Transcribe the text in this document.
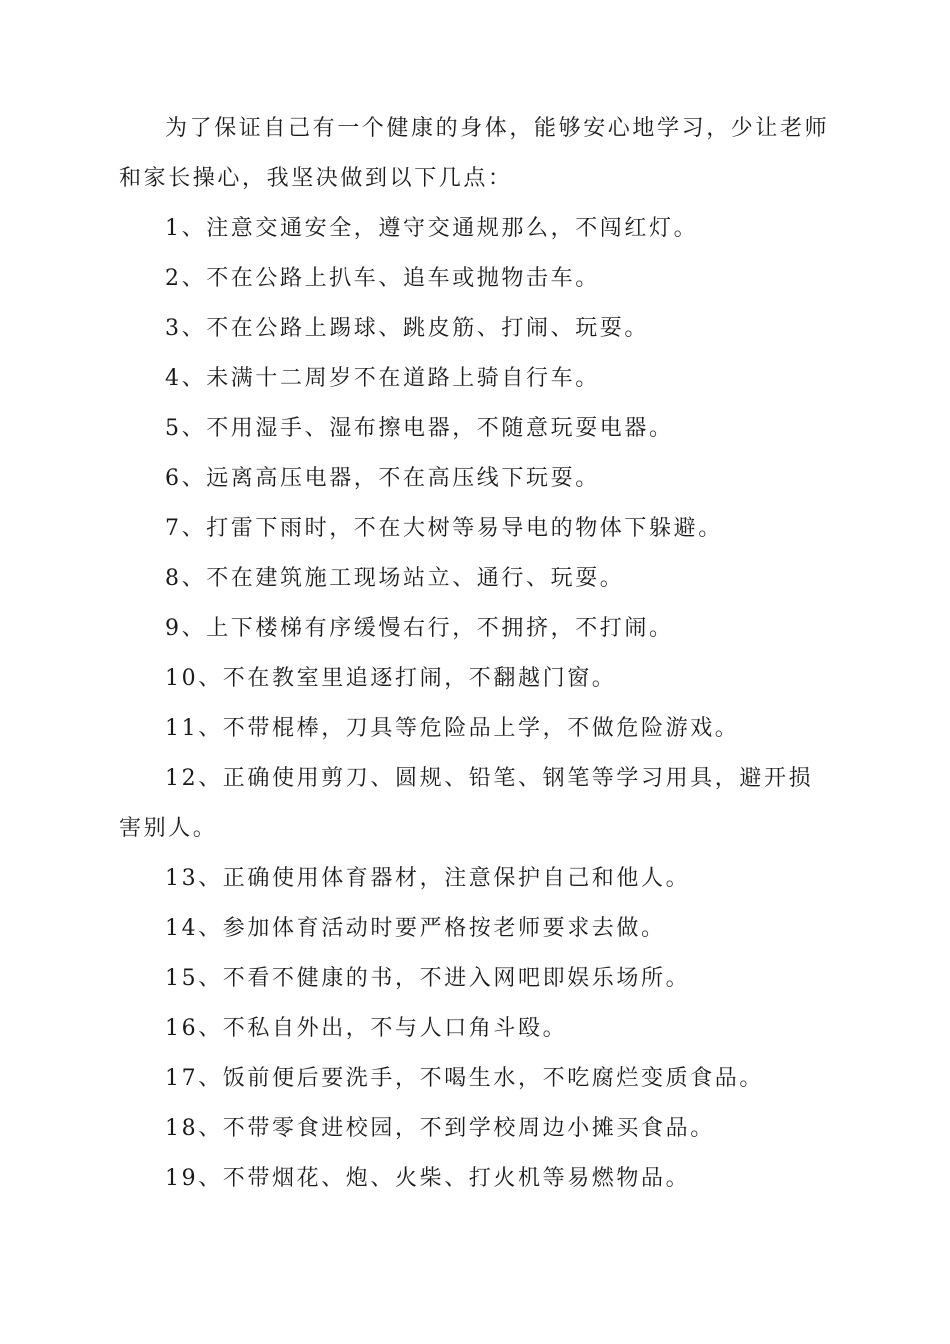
为了保证自己有一个健康的身体，能够安心地学习，少让老师和家长操心，我坚决做到以下几点：

1、注意交通安全，遵守交通规那么，不闯红灯。

2、不在公路上扒车、追车或抛物击车。

3、不在公路上踢球、跳皮筋、打闹、玩耍。

4、未满十二周岁不在道路上骑自行车。

5、不用湿手、湿布擦电器，不随意玩耍电器。

6、远离高压电器，不在高压线下玩耍。

7、打雷下雨时，不在大树等易导电的物体下躲避。

8、不在建筑施工现场站立、通行、玩耍。

9、上下楼梯有序缓慢右行，不拥挤，不打闹。

10、不在教室里追逐打闹，不翻越门窗。

11、不带棍棒，刀具等危险品上学，不做危险游戏。

12、正确使用剪刀、圆规、铅笔、钢笔等学习用具，避开损害别人。

13、正确使用体育器材，注意保护自己和他人。

14、参加体育活动时要严格按老师要求去做。

15、不看不健康的书，不进入网吧即娱乐场所。

16、不私自外出，不与人口角斗殴。

17、饭前便后要洗手，不喝生水，不吃腐烂变质食品。

18、不带零食进校园，不到学校周边小摊买食品。

19、不带烟花、炮、火柴、打火机等易燃物品。
